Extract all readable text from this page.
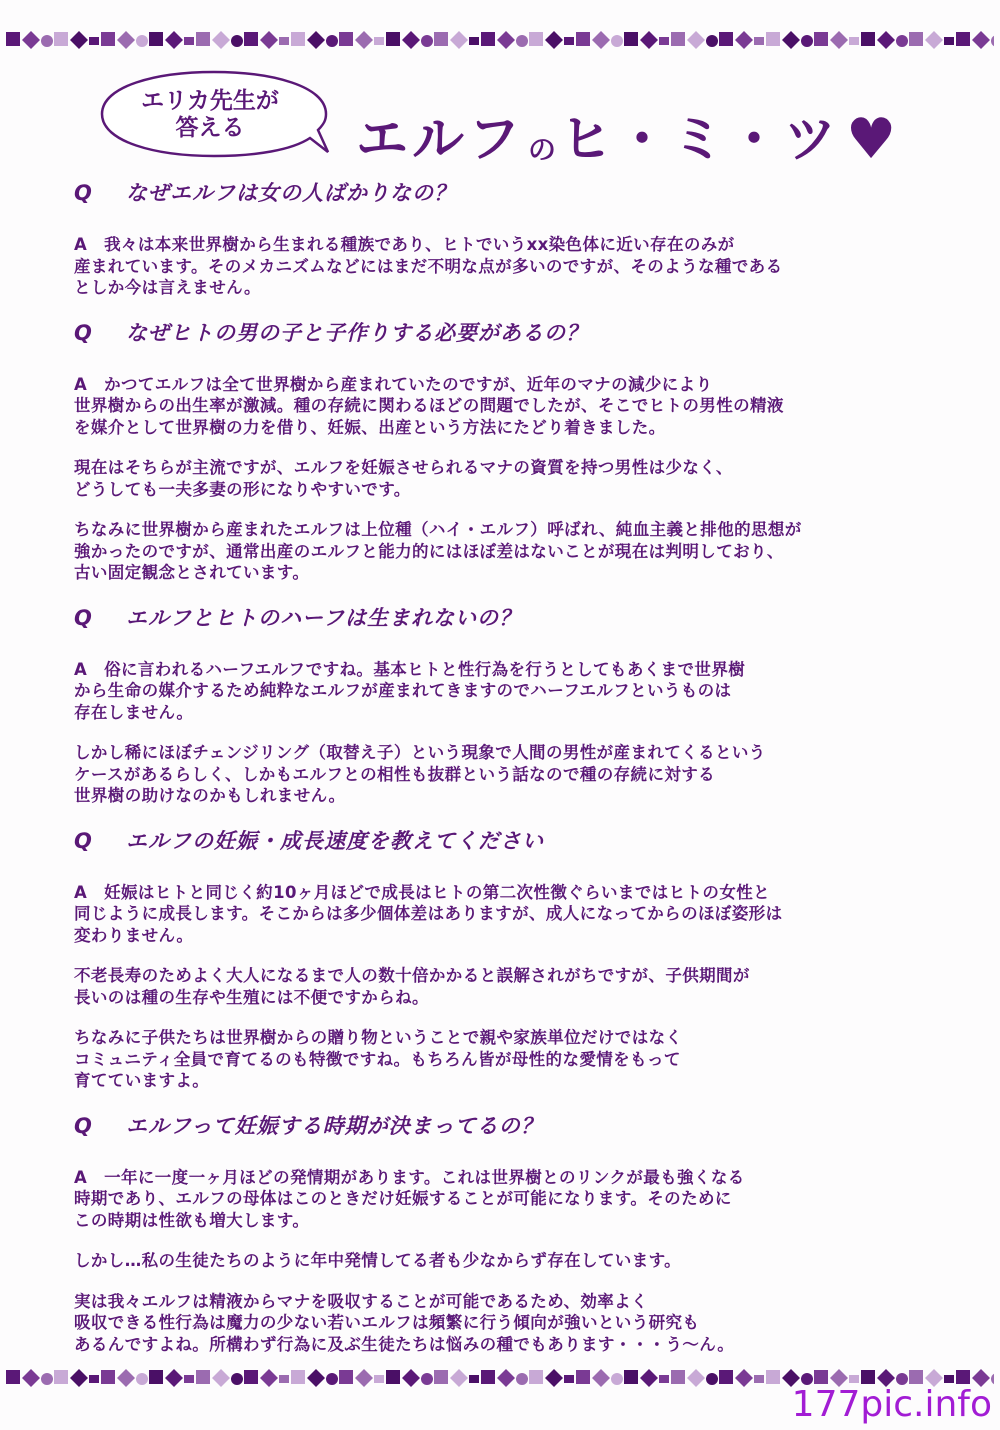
エリカ先生が
答える	エルフ の ヒ・ミ・ツ ♥
Q	なぜエルフは女の人ばかりなの？
A　我々は本来世界樹から生まれる種族であり、ヒトでいうxx染色体に近い存在のみが
産まれています。そのメカニズムなどにはまだ不明な点が多いのですが、そのような種である
としか今は言えません。
Q	なぜヒトの男の子と子作りする必要があるの？
A　かつてエルフは全て世界樹から産まれていたのですが、近年のマナの減少により
世界樹からの出生率が激減。種の存続に関わるほどの問題でしたが、そこでヒトの男性の精液
を媒介として世界樹の力を借り、妊娠、出産という方法にたどり着きました。
現在はそちらが主流ですが、エルフを妊娠させられるマナの資質を持つ男性は少なく、
どうしても一夫多妻の形になりやすいです。
ちなみに世界樹から産まれたエルフは上位種（ハイ・エルフ）呼ばれ、純血主義と排他的思想が
強かったのですが、通常出産のエルフと能力的にはほぼ差はないことが現在は判明しており、
古い固定観念とされています。
Q	エルフとヒトのハーフは生まれないの？
A　俗に言われるハーフエルフですね。基本ヒトと性行為を行うとしてもあくまで世界樹
から生命の媒介するため純粋なエルフが産まれてきますのでハーフエルフというものは
存在しません。
しかし稀にほぼチェンジリング（取替え子）という現象で人間の男性が産まれてくるという
ケースがあるらしく、しかもエルフとの相性も抜群という話なので種の存続に対する
世界樹の助けなのかもしれません。
Q	エルフの妊娠・成長速度を教えてください
A　妊娠はヒトと同じく約10ヶ月ほどで成長はヒトの第二次性徴ぐらいまではヒトの女性と
同じように成長します。そこからは多少個体差はありますが、成人になってからのほぼ姿形は
変わりません。
不老長寿のためよく大人になるまで人の数十倍かかると誤解されがちですが、子供期間が
長いのは種の生存や生殖には不便ですからね。
ちなみに子供たちは世界樹からの贈り物ということで親や家族単位だけではなく
コミュニティ全員で育てるのも特徴ですね。もちろん皆が母性的な愛情をもって
育てていますよ。
Q	エルフって妊娠する時期が決まってるの？
A　一年に一度一ヶ月ほどの発情期があります。これは世界樹とのリンクが最も強くなる
時期であり、エルフの母体はこのときだけ妊娠することが可能になります。そのために
この時期は性欲も増大します。
しかし…私の生徒たちのように年中発情してる者も少なからず存在しています。
実は我々エルフは精液からマナを吸収することが可能であるため、効率よく
吸収できる性行為は魔力の少ない若いエルフは頻繁に行う傾向が強いという研究も
あるんですよね。所構わず行為に及ぶ生徒たちは悩みの種でもあります・・・う～ん。
177pic.info
